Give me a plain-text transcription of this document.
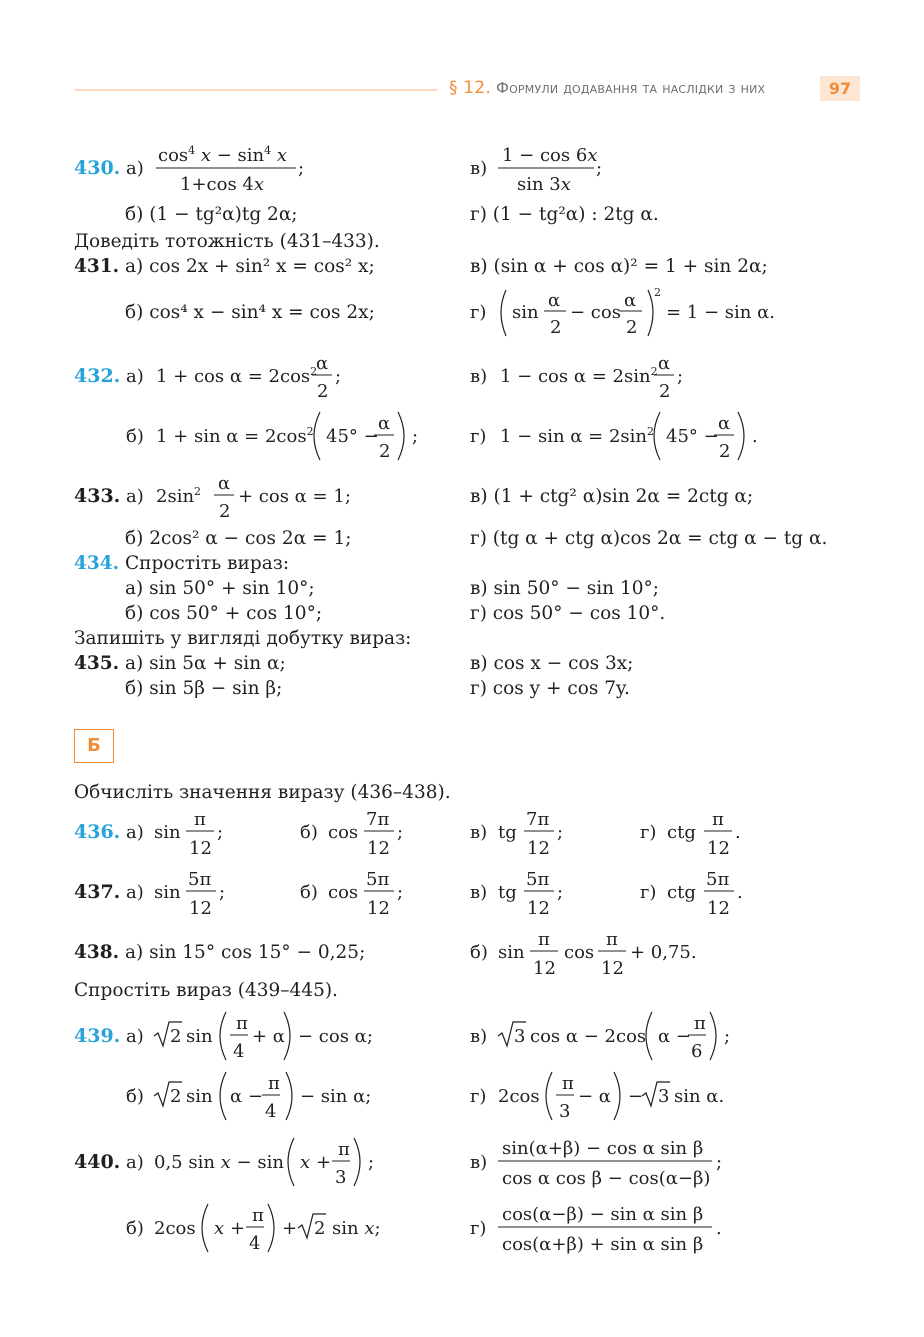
§ 12. Формули додавання та наслідки з них	97
430. а)
$\cos^4 x - \sin^4 x$
1+cos 4x
;	в)
1 − cos 6x
sin 3x
;
б) (1 − tg²α)tg 2α;	г) (1 − tg²α) : 2tg α.
Доведіть тотожність (431–433).
431. а) cos 2x + sin² x = cos² x;	в) (sin α + cos α)² = 1 + sin 2α;
б) cos⁴ x − sin⁴ x = cos 2x;	г) sin
α
2
− cos
α
2
2
= 1 − sin α.
432. а) $1 + \cos \alpha = 2\cos^2$
α
2
;	в) $1 - \cos \alpha = 2\sin^2$ α
2
;
б) $1 + \sin \alpha = 2\cos^2$ 45° −
α
2
;	г) $1 - \sin \alpha = 2\sin^2$ 45° −
α
2
.
433. а) $2\sin^2$ α
2
+ cos α = 1;	в) (1 + ctg² α)sin 2α = 2ctg α;
б) 2cos² α − cos 2α = 1;	г) (tg α + ctg α)cos 2α = ctg α − tg α.
434. Спростіть вираз:
а) sin 50° + sin 10°;	в) sin 50° − sin 10°;
б) cos 50° + cos 10°;	г) cos 50° − cos 10°.
Запишіть у вигляді добутку вираз:
435. а) sin 5α + sin α;	в) cos x − cos 3x;
б) sin 5β − sin β;	г) cos y + cos 7y.
Б
Обчисліть значення виразу (436–438).
436. а) sin
π
12
;	б) cos
7π
12
;	в) tg
7π
12
;	г) ctg
π
12
.
437. а) sin
5π
12
;	б) cos
5π
12
;	в) tg
5π
12
;	г) ctg
5π
12
.
438. а) sin 15° cos 15° − 0,25;	б) sin
π
12
cos
π
12
+ 0,75.
Спростіть вираз (439–445).
439. а) 2 sin
π
4
+ α − cos α;	в) 3 cos α − 2cos α −
π
6
;
б) 2 sin α −
π
4
− sin α;	г) 2cos
π
3
− α − 3 sin α.
440. а) 0,5 sin x − sin x +
π
3
;	в)
sin(α+β) − cos α sin β
cos α cos β − cos(α−β)
;
б) 2cos x +
π
4
+ 2 sin x;	г)
cos(α−β) − sin α sin β
cos(α+β) + sin α sin β
.
